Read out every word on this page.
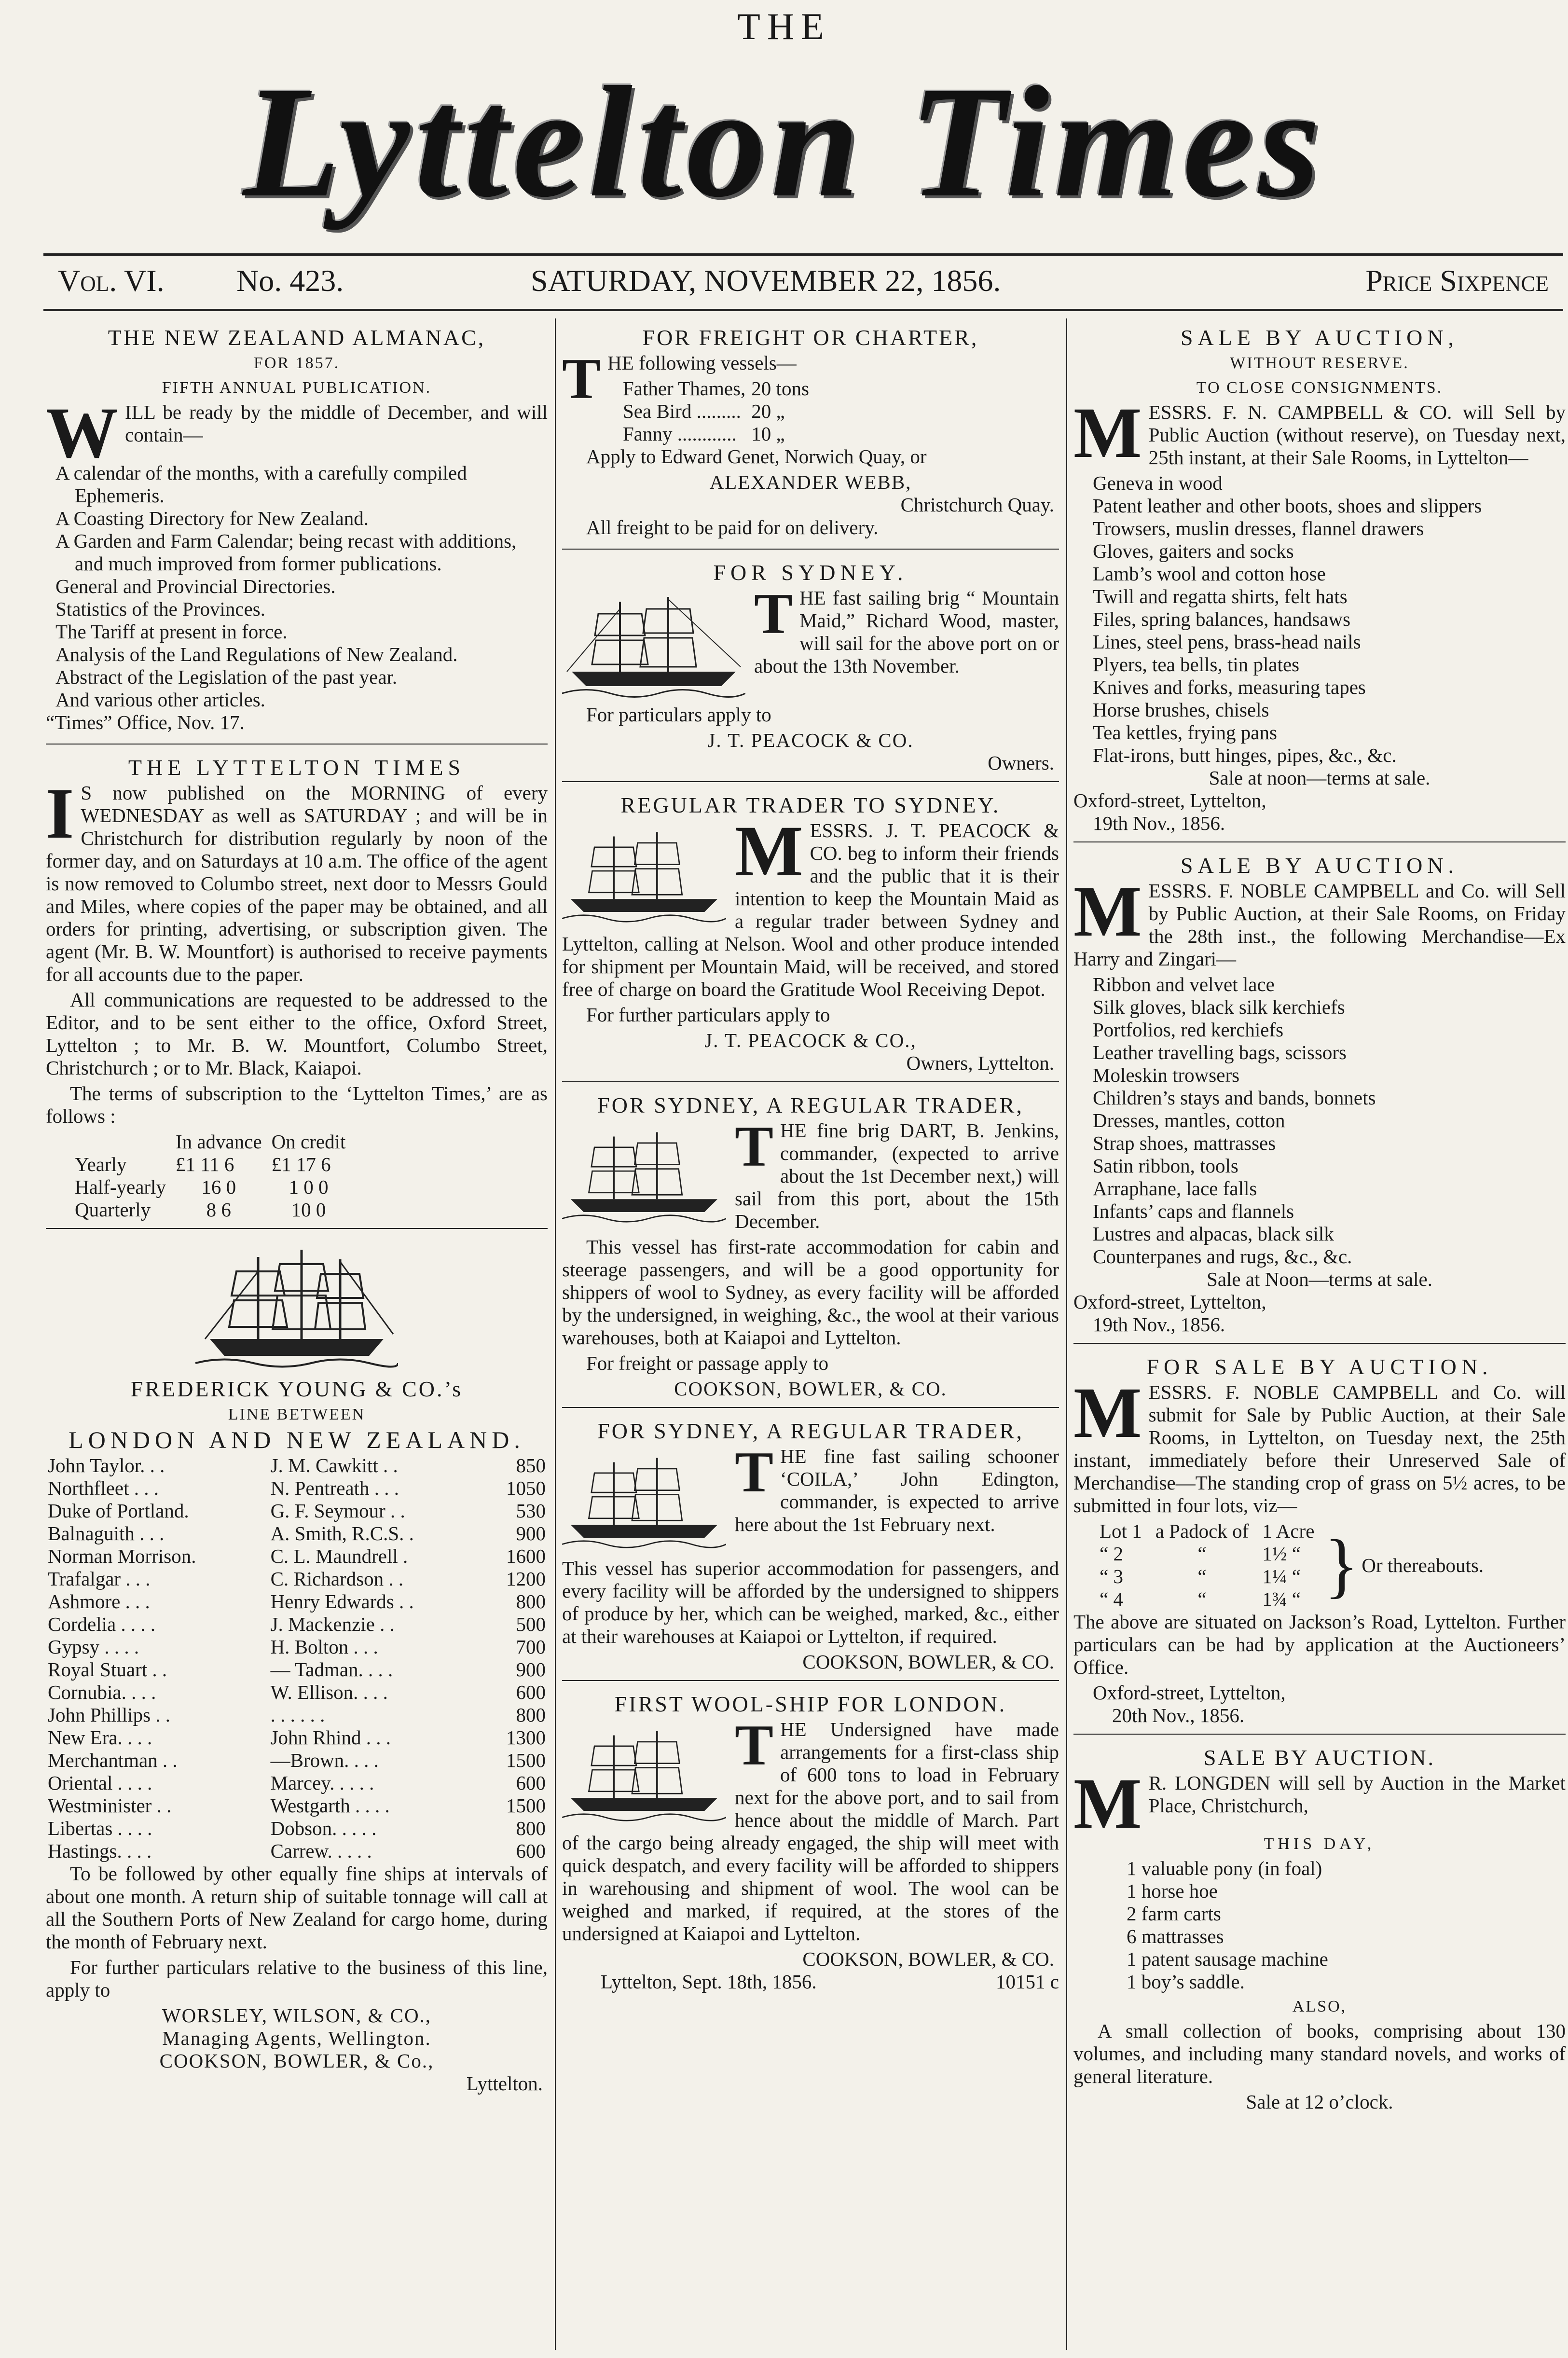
THE
Lyttelton Times
Vol. VI. No. 423.	SATURDAY, NOVEMBER 22, 1856.	Price Sixpence
THE NEW ZEALAND ALMANAC,
FOR 1857.
FIFTH ANNUAL PUBLICATION.

WILL be ready by the middle of December, and will contain—

A calendar of the months, with a carefully compiled Ephemeris.
A Coasting Directory for New Zealand.
A Garden and Farm Calendar; being recast with additions, and much improved from former publications.
General and Provincial Directories.
Statistics of the Provinces.
The Tariff at present in force.
Analysis of the Land Regulations of New Zealand.
Abstract of the Legislation of the past year.
And various other articles.

“Times” Office, Nov. 17.

THE LYTTELTON TIMES

I S now published on the MORNING of every WEDNESDAY as well as SATURDAY ; and will be in Christchurch for distribution regularly by noon of the former day, and on Saturdays at 10 a.m. The office of the agent is now removed to Columbo street, next door to Messrs Gould and Miles, where copies of the paper may be obtained, and all orders for printing, advertising, or subscription given. The agent (Mr. B. W. Mountfort) is authorised to receive payments for all accounts due to the paper.

All communications are requested to be addressed to the Editor, and to be sent either to the office, Oxford Street, Lyttelton ; to Mr. B. W. Mountfort, Columbo Street, Christchurch ; or to Mr. Black, Kaiapoi.

The terms of subscription to the ‘Lyttelton Times,’ are as follows :

	In advance	On credit
Yearly	£1 11 6	£1 17 6
Half-yearly	16 0	1 0 0
Quarterly	8 6	10 0
FREDERICK YOUNG & CO.’s
LINE BETWEEN
LONDON AND NEW ZEALAND.
John Taylor. . .	J. M. Cawkitt . .	850
Northfleet . . .	N. Pentreath . . .	1050
Duke of Portland.	G. F. Seymour . .	530
Balnaguith . . .	A. Smith, R.C.S. .	900
Norman Morrison.	C. L. Maundrell .	1600
Trafalgar . . .	C. Richardson . .	1200
Ashmore . . .	Henry Edwards . .	800
Cordelia . . . .	J. Mackenzie . .	500
Gypsy . . . .	H. Bolton . . .	700
Royal Stuart . .	— Tadman. . . .	900
Cornubia. . . .	W. Ellison. . . .	600
John Phillips . .	. . . . . .	800
New Era. . . .	John Rhind . . .	1300
Merchantman . .	—Brown. . . .	1500
Oriental . . . .	Marcey. . . . .	600
Westminister . .	Westgarth . . . .	1500
Libertas . . . .	Dobson. . . . .	800
Hastings. . . .	Carrew. . . . .	600

To be followed by other equally fine ships at intervals of about one month. A return ship of suitable tonnage will call at all the Southern Ports of New Zealand for cargo home, during the month of February next.

For further particulars relative to the business of this line, apply to

WORSLEY, WILSON, & CO.,
Managing Agents, Wellington.
COOKSON, BOWLER, & Co.,
Lyttelton.
FOR FREIGHT OR CHARTER,

THE following vessels—

Father Thames,	20 tons
Sea Bird .........	20 „
Fanny ............	10 „

Apply to Edward Genet, Norwich Quay, or

ALEXANDER WEBB,
Christchurch Quay.

All freight to be paid for on delivery.

FOR SYDNEY.

THE fast sailing brig “ Mountain Maid,” Richard Wood, master, will sail for the above port on or about the 13th November.

For particulars apply to

J. T. PEACOCK & CO.
Owners.
REGULAR TRADER TO SYDNEY.

MESSRS. J. T. PEACOCK & CO. beg to inform their friends and the public that it is their intention to keep the Mountain Maid as a regular trader between Sydney and Lyttelton, calling at Nelson. Wool and other produce intended for shipment per Mountain Maid, will be received, and stored free of charge on board the Gratitude Wool Receiving Depot.

For further particulars apply to

J. T. PEACOCK & CO.,
Owners, Lyttelton.
FOR SYDNEY, A REGULAR TRADER,

THE fine brig DART, B. Jenkins, commander, (expected to arrive about the 1st December next,) will sail from this port, about the 15th December.

This vessel has first-rate accommodation for cabin and steerage passengers, and will be a good opportunity for shippers of wool to Sydney, as every facility will be afforded by the undersigned, in weighing, &c., the wool at their various warehouses, both at Kaiapoi and Lyttelton.

For freight or passage apply to

COOKSON, BOWLER, & CO.
FOR SYDNEY, A REGULAR TRADER,

THE fine fast sailing schooner ‘COILA,’ John Edington, commander, is expected to arrive here about the 1st February next.

This vessel has superior accommodation for passengers, and every facility will be afforded by the undersigned to shippers of produce by her, which can be weighed, marked, &c., either at their warehouses at Kaiapoi or Lyttelton, if required.

COOKSON, BOWLER, & CO.
FIRST WOOL-SHIP FOR LONDON.

THE Undersigned have made arrangements for a first-class ship of 600 tons to load in February next for the above port, and to sail from hence about the middle of March. Part of the cargo being already engaged, the ship will meet with quick despatch, and every facility will be afforded to shippers in warehousing and shipment of wool. The wool can be weighed and marked, if required, at the stores of the undersigned at Kaiapoi and Lyttelton.

COOKSON, BOWLER, & CO.
Lyttelton, Sept. 18th, 1856.	10151 c
SALE BY AUCTION,
WITHOUT RESERVE.
TO CLOSE CONSIGNMENTS.

MESSRS. F. N. CAMPBELL & CO. will Sell by Public Auction (without reserve), on Tuesday next, 25th instant, at their Sale Rooms, in Lyttelton—

Geneva in wood
Patent leather and other boots, shoes and slippers
Trowsers, muslin dresses, flannel drawers
Gloves, gaiters and socks
Lamb’s wool and cotton hose
Twill and regatta shirts, felt hats
Files, spring balances, handsaws
Lines, steel pens, brass-head nails
Plyers, tea bells, tin plates
Knives and forks, measuring tapes
Horse brushes, chisels
Tea kettles, frying pans
Flat-irons, butt hinges, pipes, &c., &c.
Sale at noon—terms at sale.
Oxford-street, Lyttelton,
19th Nov., 1856.
SALE BY AUCTION.

MESSRS. F. NOBLE CAMPBELL and Co. will Sell by Public Auction, at their Sale Rooms, on Friday the 28th inst., the following Merchandise—Ex Harry and Zingari—

Ribbon and velvet lace
Silk gloves, black silk kerchiefs
Portfolios, red kerchiefs
Leather travelling bags, scissors
Moleskin trowsers
Children’s stays and bands, bonnets
Dresses, mantles, cotton
Strap shoes, mattrasses
Satin ribbon, tools
Arraphane, lace falls
Infants’ caps and flannels
Lustres and alpacas, black silk
Counterpanes and rugs, &c., &c.
Sale at Noon—terms at sale.
Oxford-street, Lyttelton,
19th Nov., 1856.
FOR SALE BY AUCTION.

MESSRS. F. NOBLE CAMPBELL and Co. will submit for Sale by Public Auction, at their Sale Rooms, in Lyttelton, on Tuesday next, the 25th instant, immediately before their Unreserved Sale of Merchandise—The standing crop of grass on 5½ acres, to be submitted in four lots, viz—

Lot 1	a Padock of	1 Acre
“ 2	“	1½ “
“ 3	“	1¼ “
“ 4	“	1¾ “ } Or thereabouts.

The above are situated on Jackson’s Road, Lyttelton. Further particulars can be had by application at the Auctioneers’ Office.

Oxford-street, Lyttelton,
20th Nov., 1856.
SALE BY AUCTION.

M R. LONGDEN will sell by Auction in the Market Place, Christchurch,

THIS DAY,
1 valuable pony (in foal)
1 horse hoe
2 farm carts
6 mattrasses
1 patent sausage machine
1 boy’s saddle.
ALSO,

A small collection of books, comprising about 130 volumes, and including many standard novels, and works of general literature.

Sale at 12 o’clock.
